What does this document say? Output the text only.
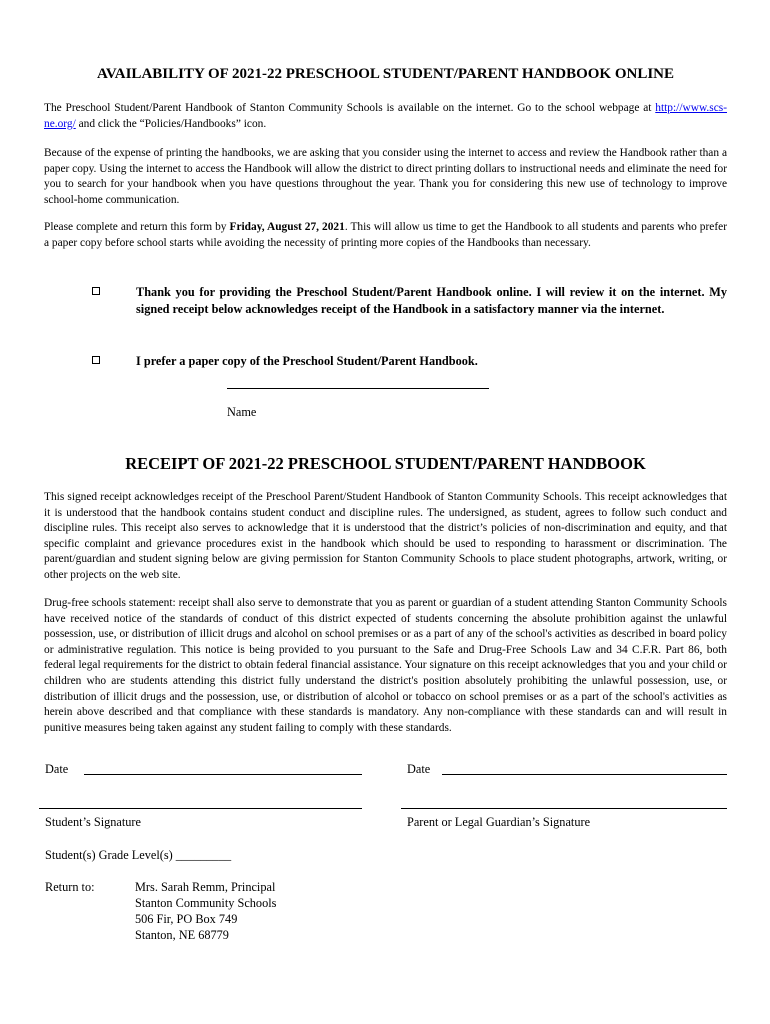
AVAILABILITY OF 2021-22 PRESCHOOL STUDENT/PARENT HANDBOOK ONLINE

The Preschool Student/Parent Handbook of Stanton Community Schools is available on the internet. Go to the school webpage at http://www.scs-ne.org/ and click the “Policies/Handbooks” icon.

Because of the expense of printing the handbooks, we are asking that you consider using the internet to access and review the Handbook rather than a paper copy. Using the internet to access the Handbook will allow the district to direct printing dollars to instructional needs and eliminate the need for you to search for your handbook when you have questions throughout the year. Thank you for considering this new use of technology to improve school-home communication.

Please complete and return this form by Friday, August 27, 2021. This will allow us time to get the Handbook to all students and parents who prefer a paper copy before school starts while avoiding the necessity of printing more copies of the Handbooks than necessary.

Thank you for providing the Preschool Student/Parent Handbook online. I will review it on the internet. My signed receipt below acknowledges receipt of the Handbook in a satisfactory manner via the internet.
I prefer a paper copy of the Preschool Student/Parent Handbook.
Name
RECEIPT OF 2021-22 PRESCHOOL STUDENT/PARENT HANDBOOK

This signed receipt acknowledges receipt of the Preschool Parent/Student Handbook of Stanton Community Schools. This receipt acknowledges that it is understood that the handbook contains student conduct and discipline rules. The undersigned, as student, agrees to follow such conduct and discipline rules. This receipt also serves to acknowledge that it is understood that the district’s policies of non-discrimination and equity, and that specific complaint and grievance procedures exist in the handbook which should be used to responding to harassment or discrimination. The parent/guardian and student signing below are giving permission for Stanton Community Schools to place student photographs, artwork, writing, or other projects on the web site.

Drug-free schools statement: receipt shall also serve to demonstrate that you as parent or guardian of a student attending Stanton Community Schools have received notice of the standards of conduct of this district expected of students concerning the absolute prohibition against the unlawful possession, use, or distribution of illicit drugs and alcohol on school premises or as a part of any of the school's activities as described in board policy or administrative regulation. This notice is being provided to you pursuant to the Safe and Drug-Free Schools Law and 34 C.F.R. Part 86, both federal legal requirements for the district to obtain federal financial assistance. Your signature on this receipt acknowledges that you and your child or children who are students attending this district fully understand the district's position absolutely prohibiting the unlawful possession, use, or distribution of illicit drugs and the possession, use, or distribution of alcohol or tobacco on school premises or as a part of the school's activities as herein above described and that compliance with these standards is mandatory. Any non-compliance with these standards can and will result in punitive measures being taken against any student failing to comply with these standards.

Date	Date
Student’s Signature	Parent or Legal Guardian’s Signature
Student(s) Grade Level(s) _________
Return to:	Mrs. Sarah Remm, Principal
Stanton Community Schools
506 Fir, PO Box 749
Stanton, NE 68779
